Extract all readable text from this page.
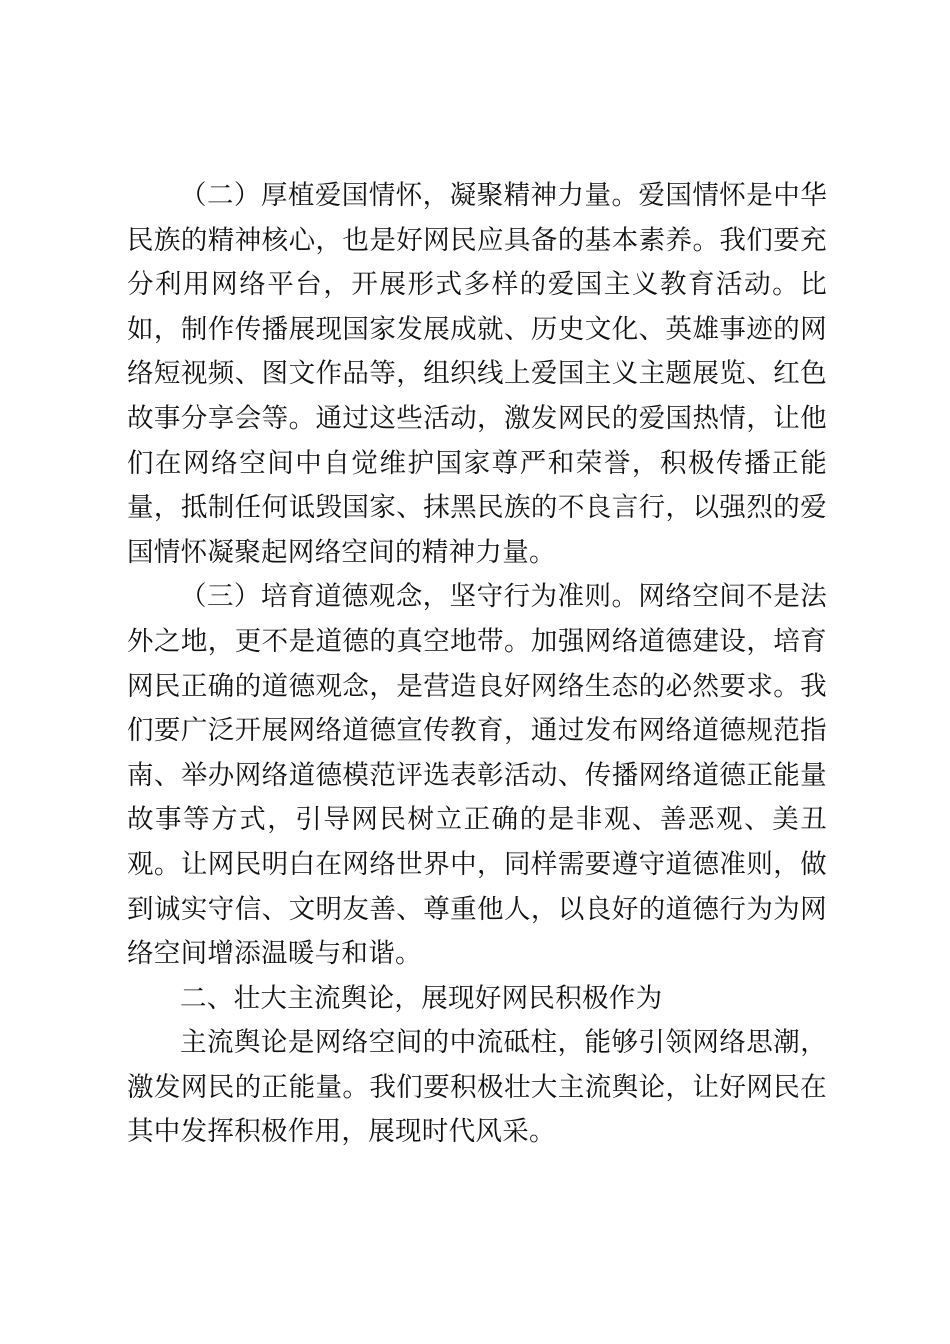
（二）厚植爱国情怀，凝聚精神力量。爱国情怀是中华民族的精神核心，也是好网民应具备的基本素养。我们要充分利用网络平台，开展形式多样的爱国主义教育活动。比如，制作传播展现国家发展成就、历史文化、英雄事迹的网络短视频、图文作品等，组织线上爱国主义主题展览、红色故事分享会等。通过这些活动，激发网民的爱国热情，让他们在网络空间中自觉维护国家尊严和荣誉，积极传播正能量，抵制任何诋毁国家、抹黑民族的不良言行，以强烈的爱国情怀凝聚起网络空间的精神力量。

（三）培育道德观念，坚守行为准则。网络空间不是法外之地，更不是道德的真空地带。加强网络道德建设，培育网民正确的道德观念，是营造良好网络生态的必然要求。我们要广泛开展网络道德宣传教育，通过发布网络道德规范指南、举办网络道德模范评选表彰活动、传播网络道德正能量故事等方式，引导网民树立正确的是非观、善恶观、美丑观。让网民明白在网络世界中，同样需要遵守道德准则，做到诚实守信、文明友善、尊重他人，以良好的道德行为为网络空间增添温暖与和谐。

二、壮大主流舆论，展现好网民积极作为

主流舆论是网络空间的中流砥柱，能够引领网络思潮，激发网民的正能量。我们要积极壮大主流舆论，让好网民在其中发挥积极作用，展现时代风采。
